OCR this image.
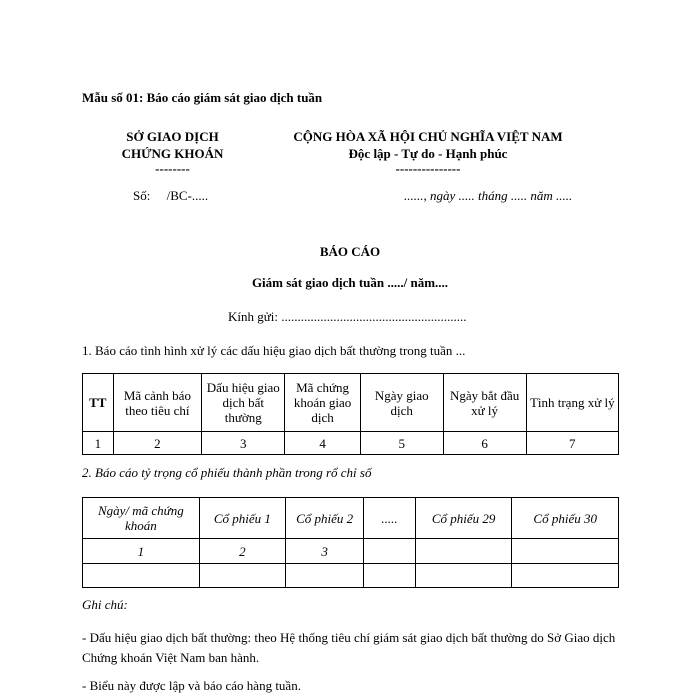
Mẫu số 01: Báo cáo giám sát giao dịch tuần
SỞ GIAO DỊCH
CHỨNG KHOÁN
--------
Số:     /BC-.....
CỘNG HÒA XÃ HỘI CHỦ NGHĨA VIỆT NAM
Độc lập - Tự do - Hạnh phúc
---------------
......, ngày ..... tháng ..... năm .....
BÁO CÁO
Giám sát giao dịch tuần ...../ năm....
Kính gửi: .........................................................
1. Báo cáo tình hình xử lý các dấu hiệu giao dịch bất thường trong tuần ...
TT	Mã cảnh báo theo tiêu chí	Dấu hiệu giao dịch bất thường	Mã chứng khoán giao dịch	Ngày giao dịch	Ngày bắt đầu xử lý	Tình trạng xử lý
1	2	3	4	5	6	7
2. Báo cáo tỷ trọng cổ phiếu thành phần trong rổ chỉ số
Ngày/ mã chứng khoán	Cổ phiếu 1	Cổ phiếu 2	.....	Cổ phiếu 29	Cổ phiếu 30
1	2	3			

Ghi chú:
- Dấu hiệu giao dịch bất thường: theo Hệ thống tiêu chí giám sát giao dịch bất thường do Sở Giao dịch Chứng khoán Việt Nam ban hành.
- Biểu này được lập và báo cáo hàng tuần.
